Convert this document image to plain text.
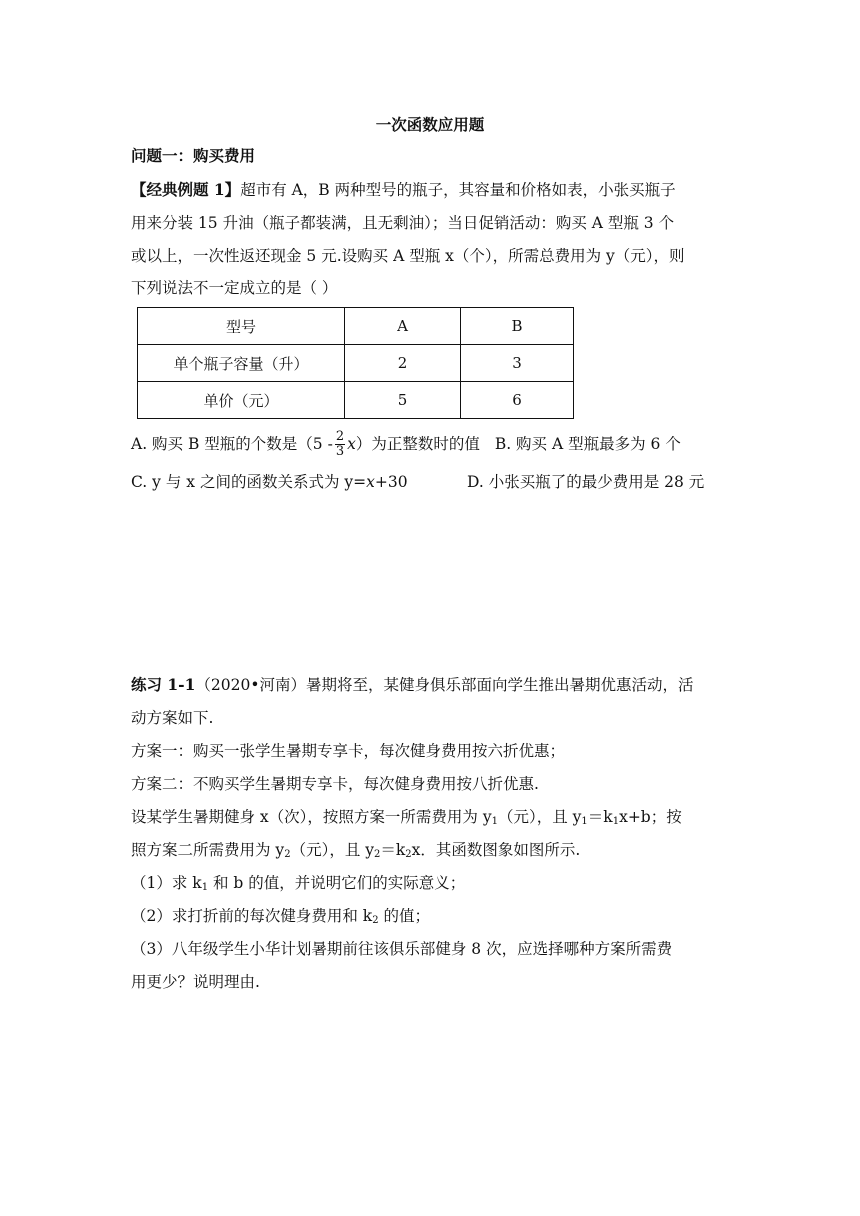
一次函数应用题
问题一：购买费用
【经典例题 1】超市有 A，B 两种型号的瓶子，其容量和价格如表，小张买瓶子
用来分装 15 升油（瓶子都装满，且无剩油）；当日促销活动：购买 A 型瓶 3 个
或以上，一次性返还现金 5 元.设购买 A 型瓶 x（个），所需总费用为 y（元），则
下列说法不一定成立的是（ ）
型号	A	B
单个瓶子容量（升）	2	3
单价（元）	5	6
A. 购买 B 型瓶的个数是$(5 - \frac{2}{3} x)$为正整数时的值 B. 购买 A 型瓶最多为 6 个
C. y 与 x 之间的函数关系式为 y=x+30	D. 小张买瓶了的最少费用是 28 元
练习 1-1（2020•河南）暑期将至，某健身俱乐部面向学生推出暑期优惠活动，活
动方案如下.
方案一：购买一张学生暑期专享卡，每次健身费用按六折优惠；
方案二：不购买学生暑期专享卡，每次健身费用按八折优惠.
设某学生暑期健身 x（次），按照方案一所需费用为 $y_1$（元），且 $y_1=k_1x+b$；按
照方案二所需费用为 $y_2$（元），且 $y_2=k_2x$．其函数图象如图所示.
（1）求 $k_1$ 和 b 的值，并说明它们的实际意义；
（2）求打折前的每次健身费用和 $k_2$ 的值；
（3）八年级学生小华计划暑期前往该俱乐部健身 8 次，应选择哪种方案所需费
用更少？说明理由.
